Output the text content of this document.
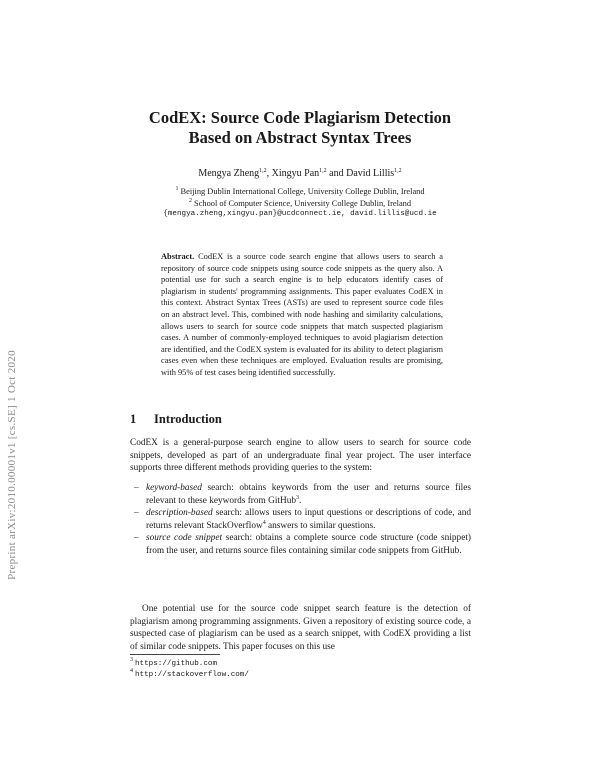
Preprint arXiv:2010.00001v1 [cs.SE] 1 Oct 2020
CodEX: Source Code Plagiarism Detection
Based on Abstract Syntax Trees
Mengya Zheng$^{1,2}$, Xingyu Pan$^{1,2}$ and David Lillis$^{1,2}$
$^1$ Beijing Dublin International College, University College Dublin, Ireland
$^2$ School of Computer Science, University College Dublin, Ireland
{mengya.zheng,xingyu.pan}@ucdconnect.ie, david.lillis@ucd.ie
Abstract. CodEX is a source code search engine that allows users to search a repository of source code snippets using source code snippets as the query also. A potential use for such a search engine is to help educators identify cases of plagiarism in students' programming assignments. This paper evaluates CodEX in this context. Abstract Syntax Trees (ASTs) are used to represent source code files on an abstract level. This, combined with node hashing and similarity calculations, allows users to search for source code snippets that match suspected plagiarism cases. A number of commonly-employed techniques to avoid plagiarism detection are identified, and the CodEX system is evaluated for its ability to detect plagiarism cases even when these techniques are employed. Evaluation results are promising, with 95% of test cases being identified successfully.
1 Introduction
CodEX is a general-purpose search engine to allow users to search for source code snippets, developed as part of an undergraduate final year project. The user interface supports three different methods providing queries to the system:
– keyword-based search: obtains keywords from the user and returns source files relevant to these keywords from GitHub$^3$.
– description-based search: allows users to input questions or descriptions of code, and returns relevant StackOverflow$^4$ answers to similar questions.
– source code snippet search: obtains a complete source code structure (code snippet) from the user, and returns source files containing similar code snippets from GitHub.
One potential use for the source code snippet search feature is the detection of plagiarism among programming assignments. Given a repository of existing source code, a suspected case of plagiarism can be used as a search snippet, with CodEX providing a list of similar code snippets. This paper focuses on this use
$^3$ https://github.com
$^4$ http://stackoverflow.com/
